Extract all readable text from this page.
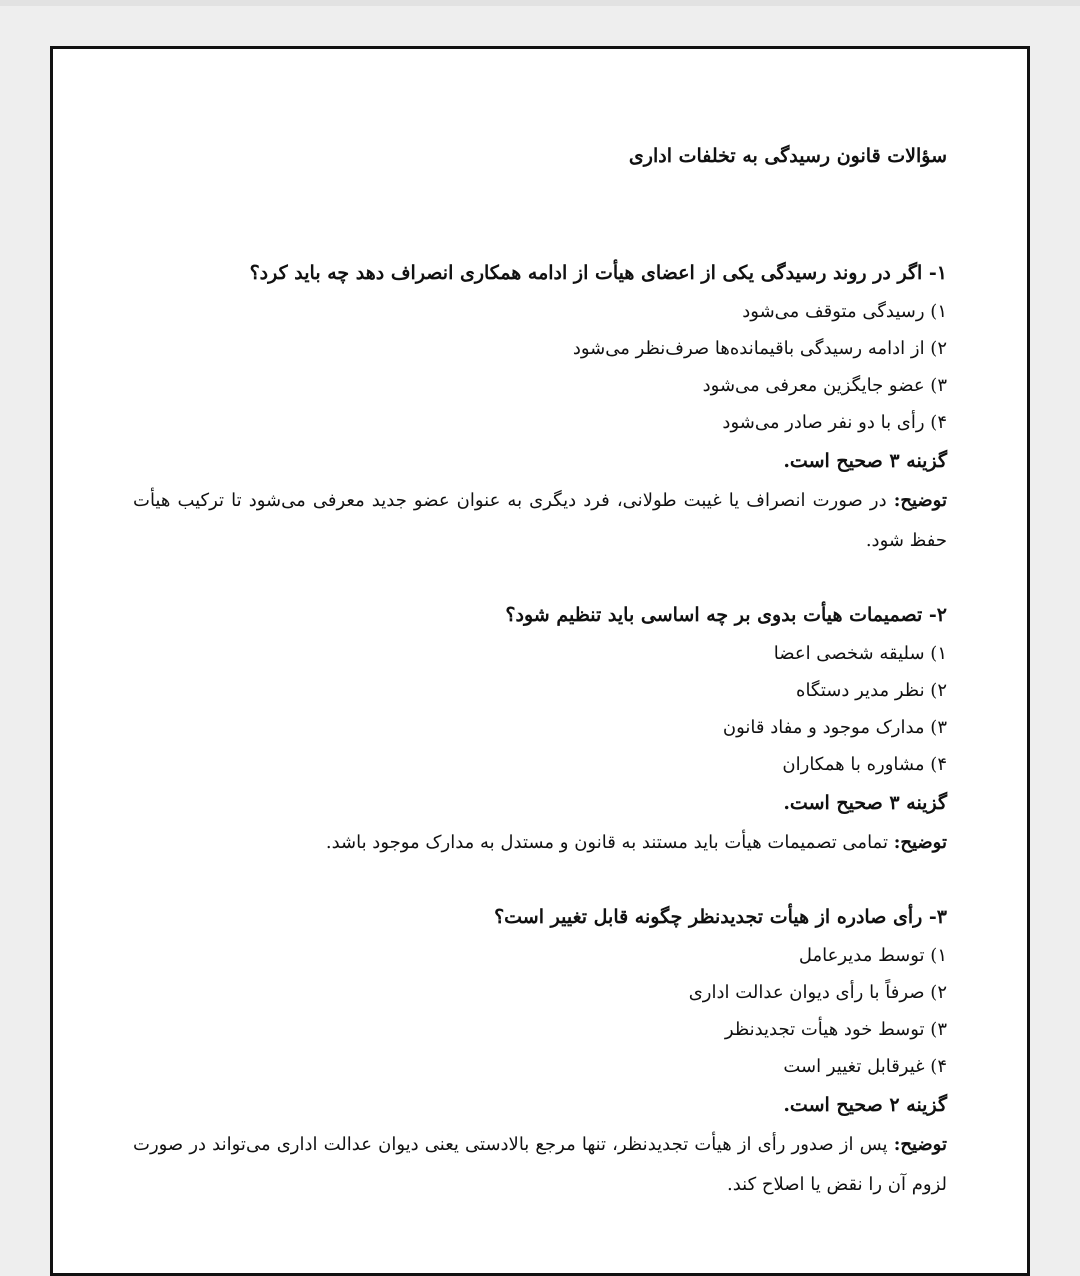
سؤالات قانون رسیدگی به تخلفات اداری
۱- اگر در روند رسیدگی یکی از اعضای هیأت از ادامه همکاری انصراف دهد چه باید کرد؟
۱) رسیدگی متوقف می‌شود
۲) از ادامه رسیدگی باقیمانده‌ها صرف‌نظر می‌شود
۳) عضو جایگزین معرفی می‌شود
۴) رأی با دو نفر صادر می‌شود
گزینه ۳ صحیح است.
توضیح: در صورت انصراف یا غیبت طولانی، فرد دیگری به عنوان عضو جدید معرفی می‌شود تا ترکیب هیأت حفظ شود.
۲- تصمیمات هیأت بدوی بر چه اساسی باید تنظیم شود؟
۱) سلیقه شخصی اعضا
۲) نظر مدیر دستگاه
۳) مدارک موجود و مفاد قانون
۴) مشاوره با همکاران
گزینه ۳ صحیح است.
توضیح: تمامی تصمیمات هیأت باید مستند به قانون و مستدل به مدارک موجود باشد.
۳- رأی صادره از هیأت تجدیدنظر چگونه قابل تغییر است؟
۱) توسط مدیرعامل
۲) صرفاً با رأی دیوان عدالت اداری
۳) توسط خود هیأت تجدیدنظر
۴) غیرقابل تغییر است
گزینه ۲ صحیح است.
توضیح: پس از صدور رأی از هیأت تجدیدنظر، تنها مرجع بالادستی یعنی دیوان عدالت اداری می‌تواند در صورت لزوم آن را نقض یا اصلاح کند.
